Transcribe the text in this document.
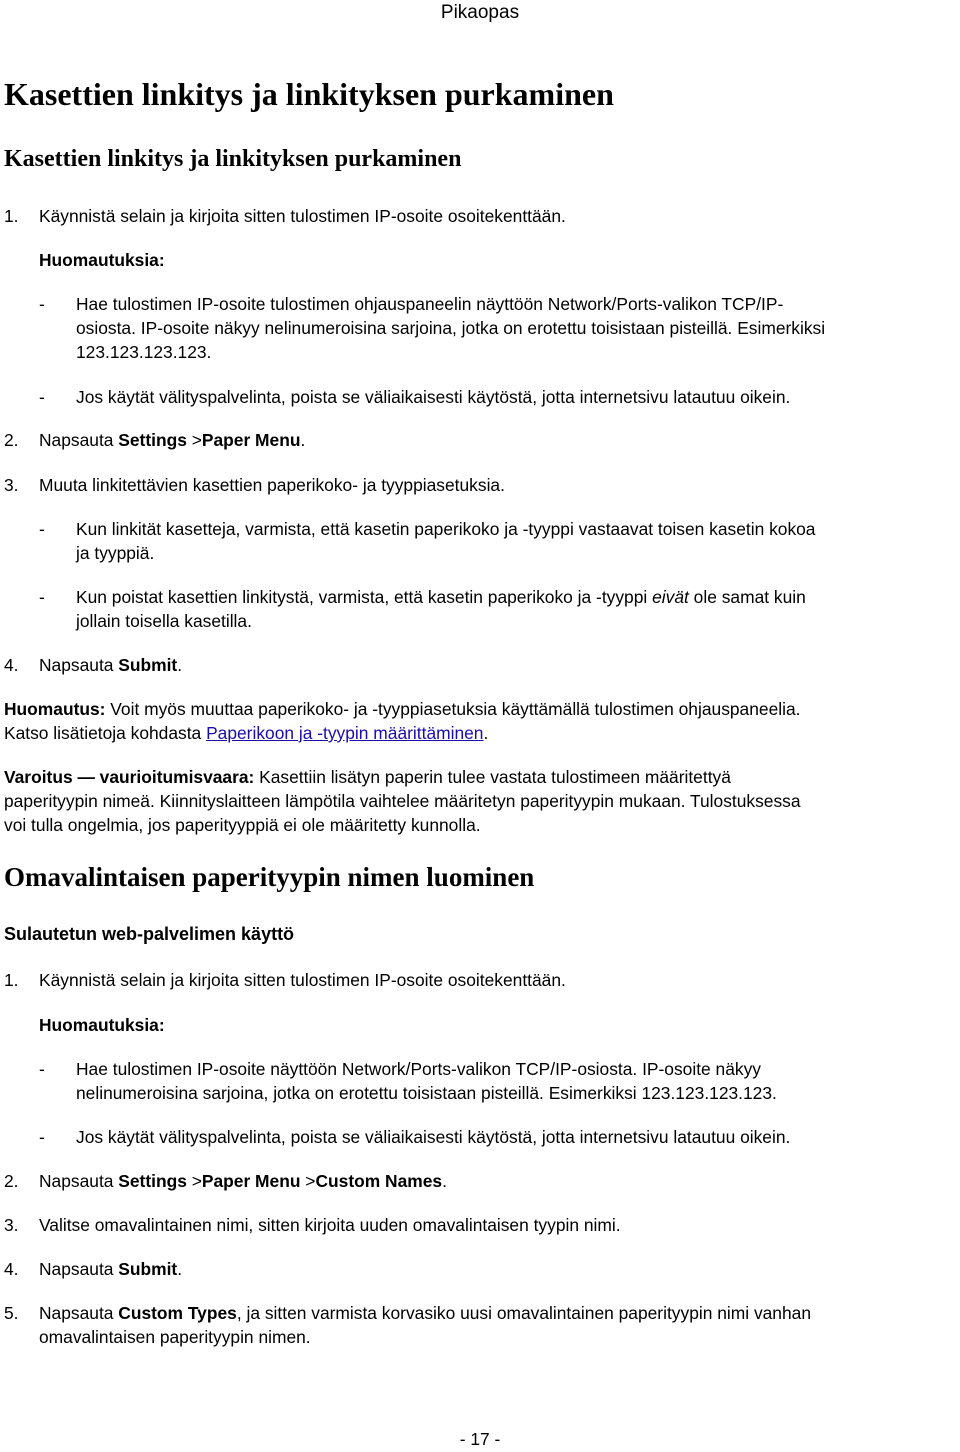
Pikaopas
Kasettien linkitys ja linkityksen purkaminen
Kasettien linkitys ja linkityksen purkaminen
1. Käynnistä selain ja kirjoita sitten tulostimen IP-osoite osoitekenttään.
Huomautuksia:
- Hae tulostimen IP-osoite tulostimen ohjauspaneelin näyttöön Network/Ports-valikon TCP/IP-
osiosta. IP-osoite näkyy nelinumeroisina sarjoina, jotka on erotettu toisistaan pisteillä. Esimerkiksi
123.123.123.123.
- Jos käytät välityspalvelinta, poista se väliaikaisesti käytöstä, jotta internetsivu latautuu oikein.
2. Napsauta Settings >Paper Menu.
3. Muuta linkitettävien kasettien paperikoko- ja tyyppiasetuksia.
- Kun linkität kasetteja, varmista, että kasetin paperikoko ja -tyyppi vastaavat toisen kasetin kokoa
ja tyyppiä.
- Kun poistat kasettien linkitystä, varmista, että kasetin paperikoko ja -tyyppi eivät ole samat kuin
jollain toisella kasetilla.
4. Napsauta Submit.
Huomautus: Voit myös muuttaa paperikoko- ja -tyyppiasetuksia käyttämällä tulostimen ohjauspaneelia.
Katso lisätietoja kohdasta Paperikoon ja -tyypin määrittäminen.
Varoitus — vaurioitumisvaara: Kasettiin lisätyn paperin tulee vastata tulostimeen määritettyä
paperityypin nimeä. Kiinnityslaitteen lämpötila vaihtelee määritetyn paperityypin mukaan. Tulostuksessa
voi tulla ongelmia, jos paperityyppiä ei ole määritetty kunnolla.
Omavalintaisen paperityypin nimen luominen
Sulautetun web-palvelimen käyttö
1. Käynnistä selain ja kirjoita sitten tulostimen IP-osoite osoitekenttään.
Huomautuksia:
- Hae tulostimen IP-osoite näyttöön Network/Ports-valikon TCP/IP-osiosta. IP-osoite näkyy
nelinumeroisina sarjoina, jotka on erotettu toisistaan pisteillä. Esimerkiksi 123.123.123.123.
- Jos käytät välityspalvelinta, poista se väliaikaisesti käytöstä, jotta internetsivu latautuu oikein.
2. Napsauta Settings >Paper Menu >Custom Names.
3. Valitse omavalintainen nimi, sitten kirjoita uuden omavalintaisen tyypin nimi.
4. Napsauta Submit.
5. Napsauta Custom Types, ja sitten varmista korvasiko uusi omavalintainen paperityypin nimi vanhan
omavalintaisen paperityypin nimen.
- 17 -
